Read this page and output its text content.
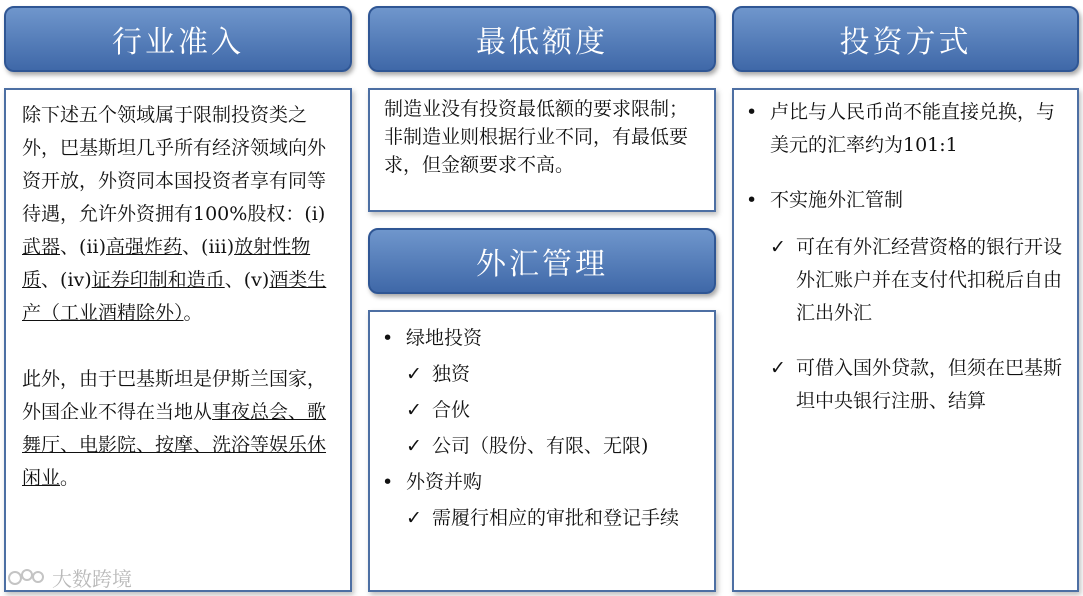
行业准入	最低额度	投资方式
外汇管理

除下述五个领域属于限制投资类之外，巴基斯坦几乎所有经济领域向外资开放，外资同本国投资者享有同等待遇，允许外资拥有100%股权：(i)武器、(ii)高强炸药、(iii)放射性物质、(iv)证券印制和造币、(v)酒类生产（工业酒精除外）。

此外，由于巴基斯坦是伊斯兰国家，外国企业不得在当地从事夜总会、歌舞厅、电影院、按摩、洗浴等娱乐休闲业。

制造业没有投资最低额的要求限制；非制造业则根据行业不同，有最低要求，但金额要求不高。

• 绿地投资
✓ 独资
✓ 合伙
✓ 公司（股份、有限、无限)
• 外资并购
✓ 需履行相应的审批和登记手续
• 卢比与人民币尚不能直接兑换，与美元的汇率约为101:1
• 不实施外汇管制
✓ 可在有外汇经营资格的银行开设外汇账户并在支付代扣税后自由汇出外汇
✓ 可借入国外贷款，但须在巴基斯坦中央银行注册、结算
大数跨境
